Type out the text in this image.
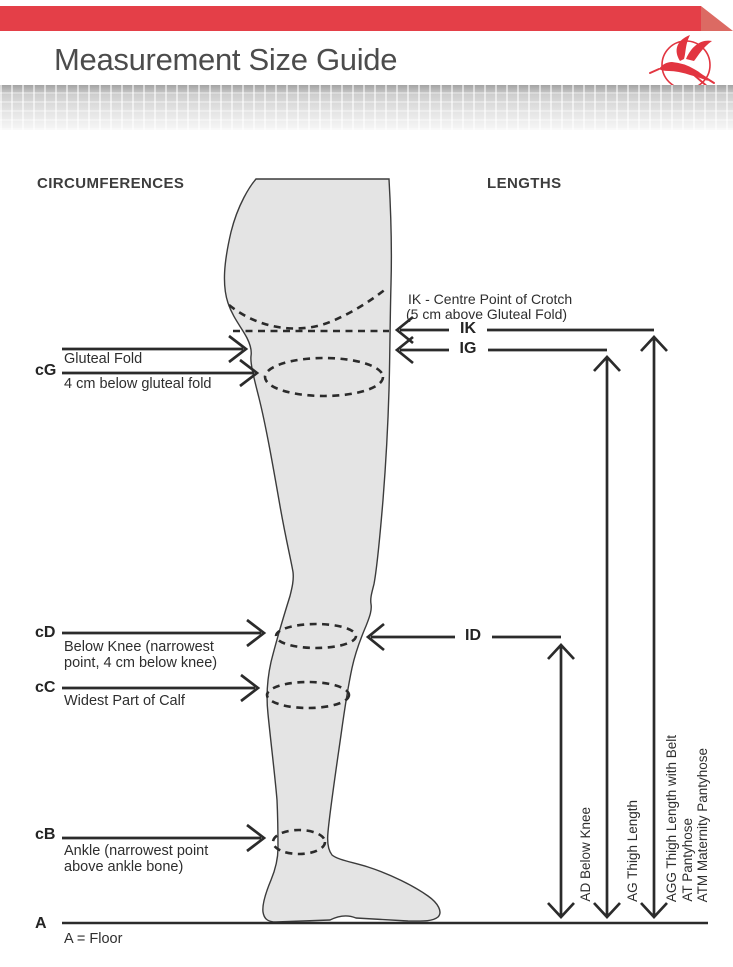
Measurement Size Guide
CIRCUMFERENCES	LENGTHS
cG
Gluteal Fold
4 cm below gluteal fold
cD
Below Knee (narrowest point, 4 cm below knee)
cC
Widest Part of Calf
cB
Ankle (narrowest point above ankle bone)
A
A = Floor
IK - Centre Point of Crotch
(5 cm above Gluteal Fold)
IK
IG
ID
AD Below Knee AG Thigh Length AGG Thigh Length with Belt AT Pantyhose ATM Maternity Pantyhose
